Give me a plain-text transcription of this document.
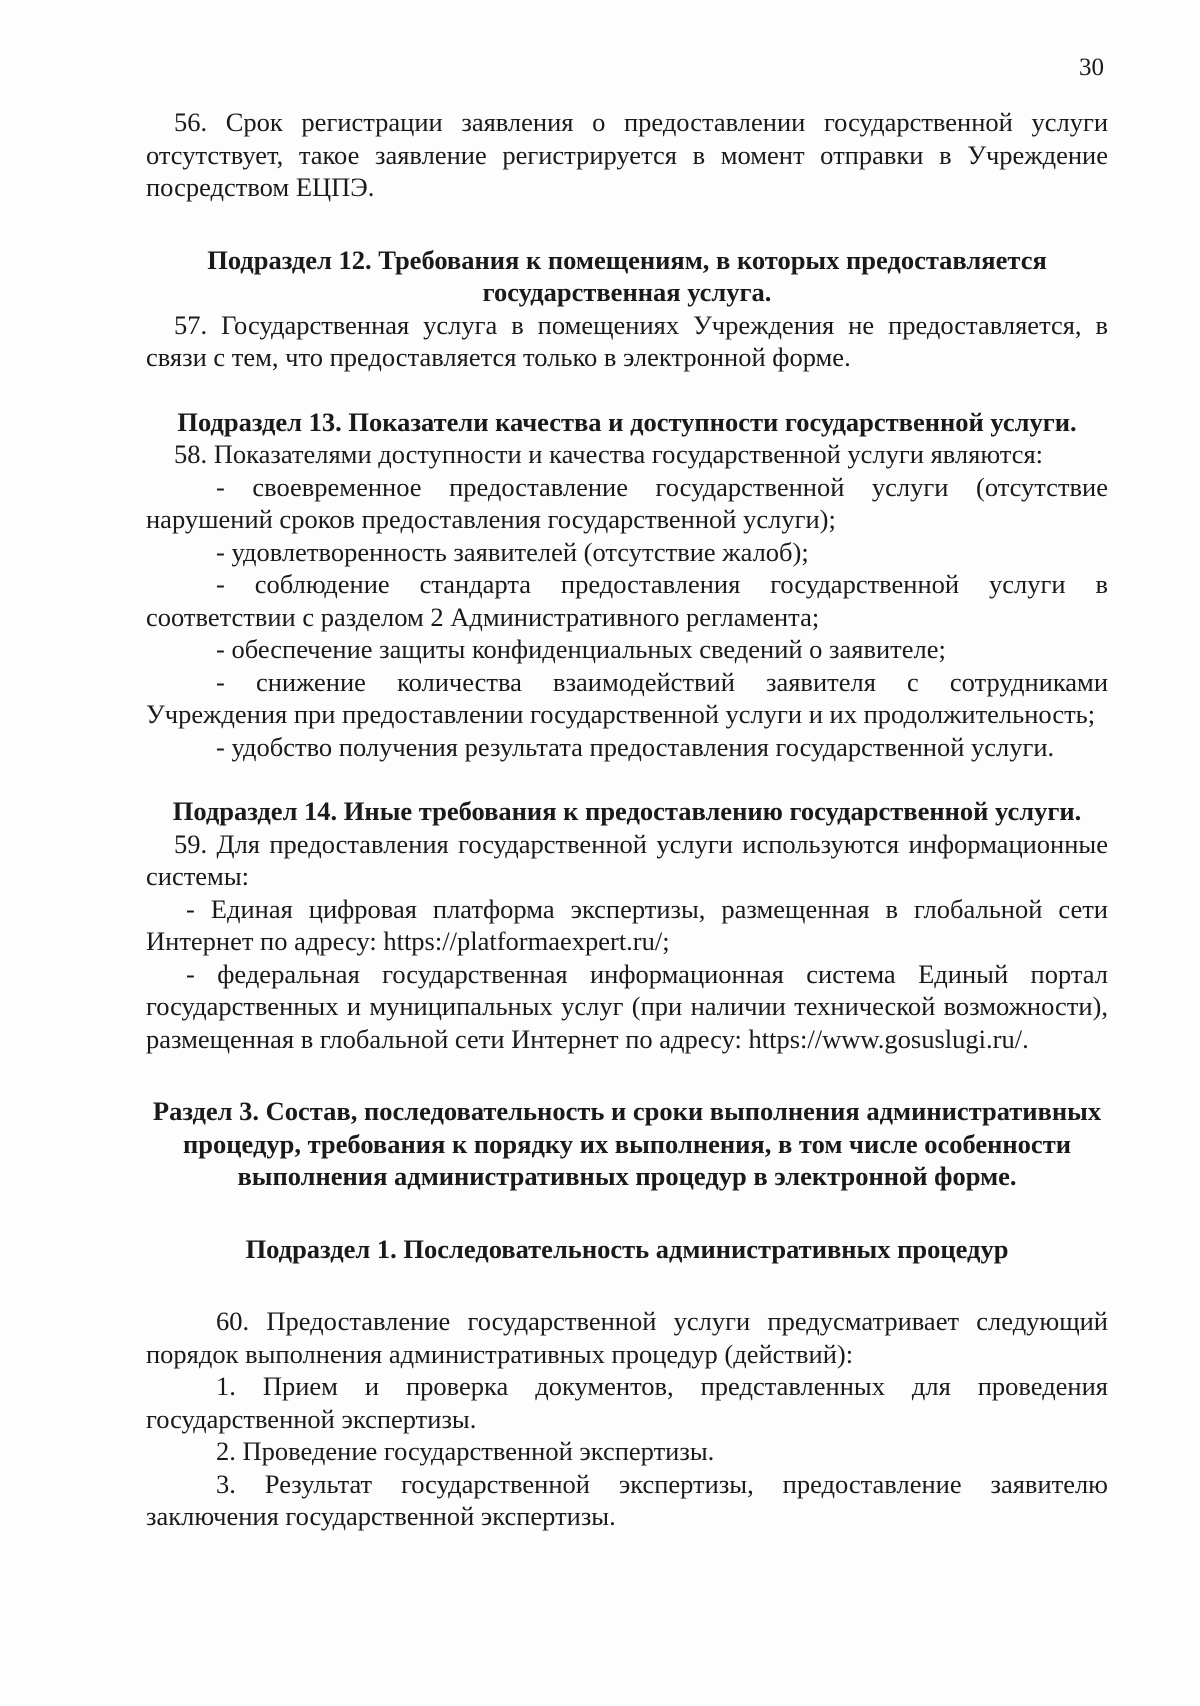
30

56. Срок регистрации заявления о предоставлении государственной услуги отсутствует, такое заявление регистрируется в момент отправки в Учреждение посредством ЕЦПЭ.

Подраздел 12. Требования к помещениям, в которых предоставляется государственная услуга.

57. Государственная услуга в помещениях Учреждения не предоставляется, в связи с тем, что предоставляется только в электронной форме.

Подраздел 13. Показатели качества и доступности государственной услуги.

58. Показателями доступности и качества государственной услуги являются:

- своевременное предоставление государственной услуги (отсутствие нарушений сроков предоставления государственной услуги);

- удовлетворенность заявителей (отсутствие жалоб);

- соблюдение стандарта предоставления государственной услуги в соответствии с разделом 2 Административного регламента;

- обеспечение защиты конфиденциальных сведений о заявителе;

- снижение количества взаимодействий заявителя с сотрудниками Учреждения при предоставлении государственной услуги и их продолжительность;

- удобство получения результата предоставления государственной услуги.

Подраздел 14. Иные требования к предоставлению государственной услуги.

59. Для предоставления государственной услуги используются информационные системы:

- Единая цифровая платформа экспертизы, размещенная в глобальной сети Интернет по адресу: https://platformaexpert.ru/;

- федеральная государственная информационная система Единый портал государственных и муниципальных услуг (при наличии технической возможности), размещенная в глобальной сети Интернет по адресу: https://www.gosuslugi.ru/.

Раздел 3. Состав, последовательность и сроки выполнения административных процедур, требования к порядку их выполнения, в том числе особенности выполнения административных процедур в электронной форме.
Подраздел 1. Последовательность административных процедур

60. Предоставление государственной услуги предусматривает следующий порядок выполнения административных процедур (действий):

1. Прием и проверка документов, представленных для проведения государственной экспертизы.

2. Проведение государственной экспертизы.

3. Результат государственной экспертизы, предоставление заявителю заключения государственной экспертизы.
